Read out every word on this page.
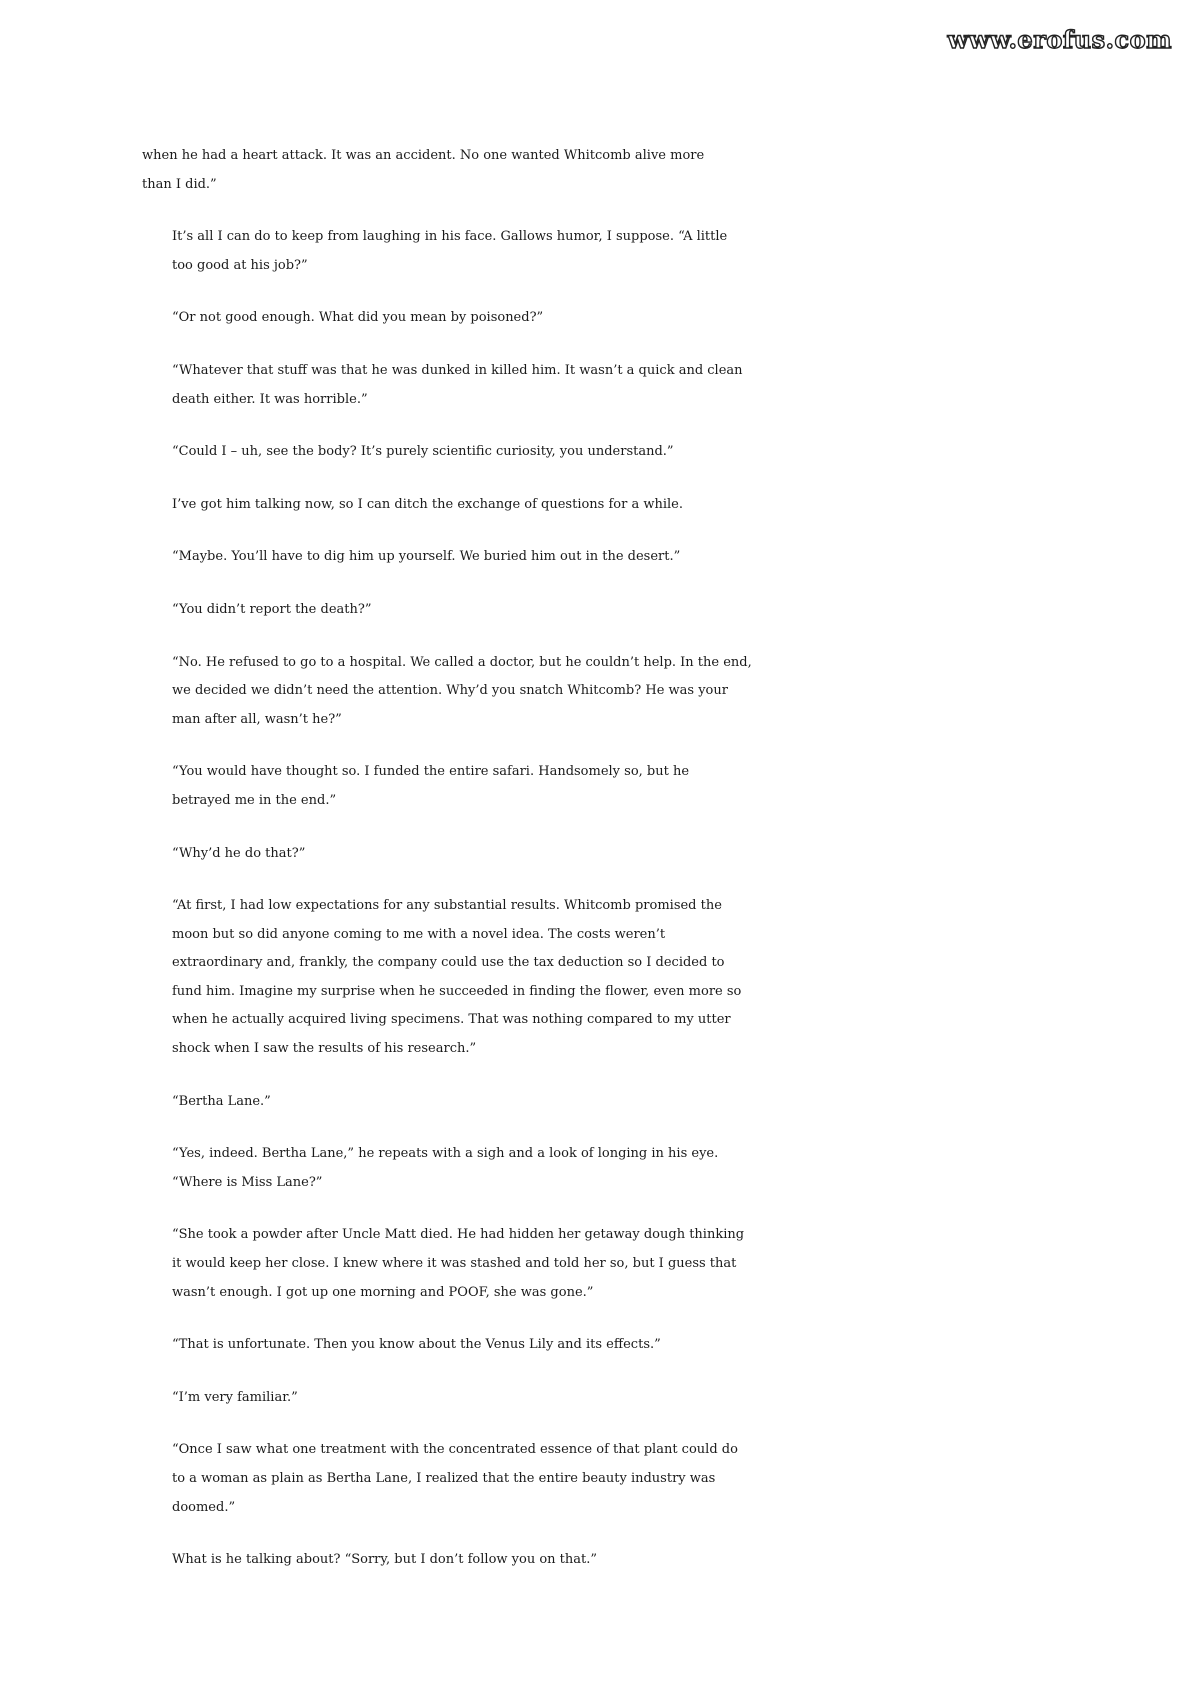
www.erofus.com

when he had a heart attack. It was an accident. No one wanted Whitcomb alive more
than I did.”

It’s all I can do to keep from laughing in his face. Gallows humor, I suppose. “A little
too good at his job?”

“Or not good enough. What did you mean by poisoned?”

“Whatever that stuff was that he was dunked in killed him. It wasn’t a quick and clean
death either. It was horrible.”

“Could I – uh, see the body? It’s purely scientific curiosity, you understand.”

I’ve got him talking now, so I can ditch the exchange of questions for a while.

“Maybe. You’ll have to dig him up yourself. We buried him out in the desert.”

“You didn’t report the death?”

“No. He refused to go to a hospital. We called a doctor, but he couldn’t help. In the end,
we decided we didn’t need the attention. Why’d you snatch Whitcomb? He was your
man after all, wasn’t he?”

“You would have thought so. I funded the entire safari. Handsomely so, but he
betrayed me in the end.”

“Why’d he do that?”

“At first, I had low expectations for any substantial results. Whitcomb promised the
moon but so did anyone coming to me with a novel idea. The costs weren’t
extraordinary and, frankly, the company could use the tax deduction so I decided to
fund him. Imagine my surprise when he succeeded in finding the flower, even more so
when he actually acquired living specimens. That was nothing compared to my utter
shock when I saw the results of his research.”

“Bertha Lane.”

“Yes, indeed. Bertha Lane,” he repeats with a sigh and a look of longing in his eye.
“Where is Miss Lane?”

“She took a powder after Uncle Matt died. He had hidden her getaway dough thinking
it would keep her close. I knew where it was stashed and told her so, but I guess that
wasn’t enough. I got up one morning and POOF, she was gone.”

“That is unfortunate. Then you know about the Venus Lily and its effects.”

“I’m very familiar.”

“Once I saw what one treatment with the concentrated essence of that plant could do
to a woman as plain as Bertha Lane, I realized that the entire beauty industry was
doomed.”

What is he talking about? “Sorry, but I don’t follow you on that.”
